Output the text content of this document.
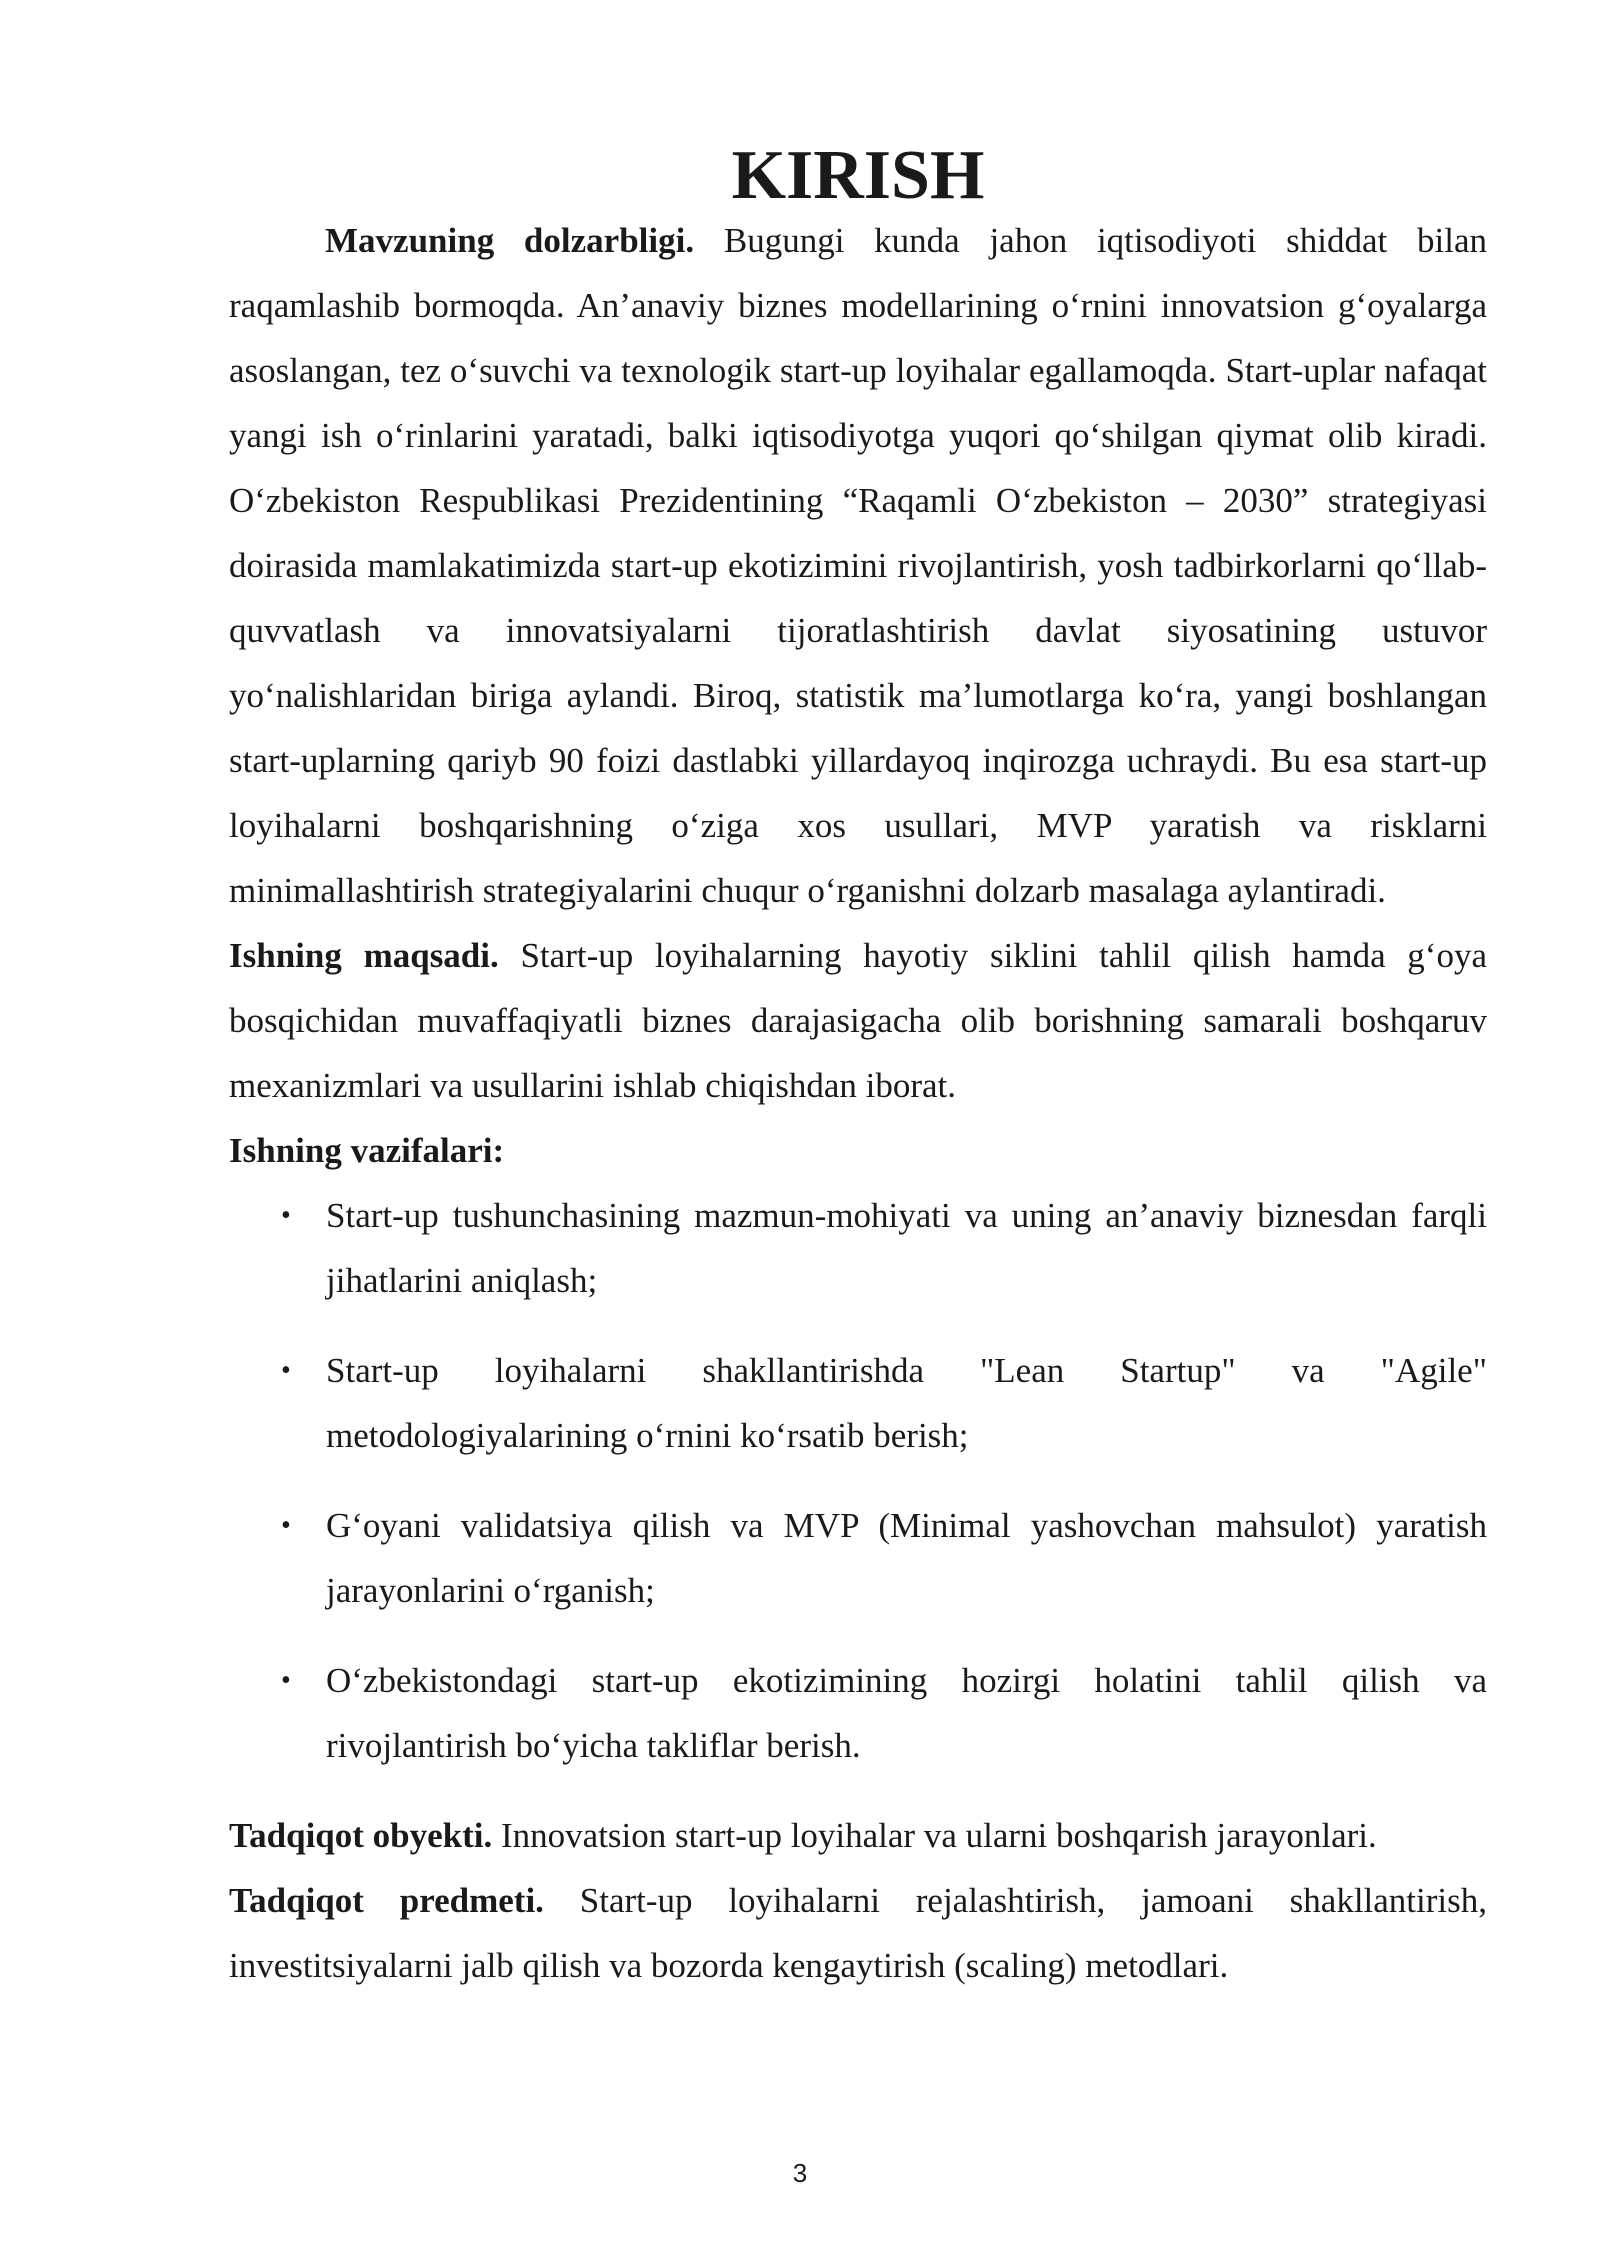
KIRISH

Mavzuning dolzarbligi. Bugungi kunda jahon iqtisodiyoti shiddat bilan raqamlashib bormoqda. An’anaviy biznes modellarining o‘rnini innovatsion g‘oyalarga asoslangan, tez o‘suvchi va texnologik start-up loyihalar egallamoqda. Start-uplar nafaqat yangi ish o‘rinlarini yaratadi, balki iqtisodiyotga yuqori qo‘shilgan qiymat olib kiradi. O‘zbekiston Respublikasi Prezidentining “Raqamli O‘zbekiston – 2030” strategiyasi doirasida mamlakatimizda start-up ekotizimini rivojlantirish, yosh tadbirkorlarni qo‘llab-quvvatlash va innovatsiyalarni tijoratlashtirish davlat siyosatining ustuvor yo‘nalishlaridan biriga aylandi. Biroq, statistik ma’lumotlarga ko‘ra, yangi boshlangan start-uplarning qariyb 90 foizi dastlabki yillardayoq inqirozga uchraydi. Bu esa start-up loyihalarni boshqarishning o‘ziga xos usullari, MVP yaratish va risklarni minimallashtirish strategiyalarini chuqur o‘rganishni dolzarb masalaga aylantiradi.

Ishning maqsadi. Start-up loyihalarning hayotiy siklini tahlil qilish hamda g‘oya bosqichidan muvaffaqiyatli biznes darajasigacha olib borishning samarali boshqaruv mexanizmlari va usullarini ishlab chiqishdan iborat.

Ishning vazifalari:

• Start-up tushunchasining mazmun-mohiyati va uning an’anaviy biznesdan farqli jihatlarini aniqlash;
• Start-up loyihalarni shakllantirishda "Lean Startup" va "Agile" metodologiyalarining o‘rnini ko‘rsatib berish;
• G‘oyani validatsiya qilish va MVP (Minimal yashovchan mahsulot) yaratish jarayonlarini o‘rganish;
• O‘zbekistondagi start-up ekotizimining hozirgi holatini tahlil qilish va rivojlantirish bo‘yicha takliflar berish.

Tadqiqot obyekti. Innovatsion start-up loyihalar va ularni boshqarish jarayonlari.

Tadqiqot predmeti. Start-up loyihalarni rejalashtirish, jamoani shakllantirish, investitsiyalarni jalb qilish va bozorda kengaytirish (scaling) metodlari.

3
